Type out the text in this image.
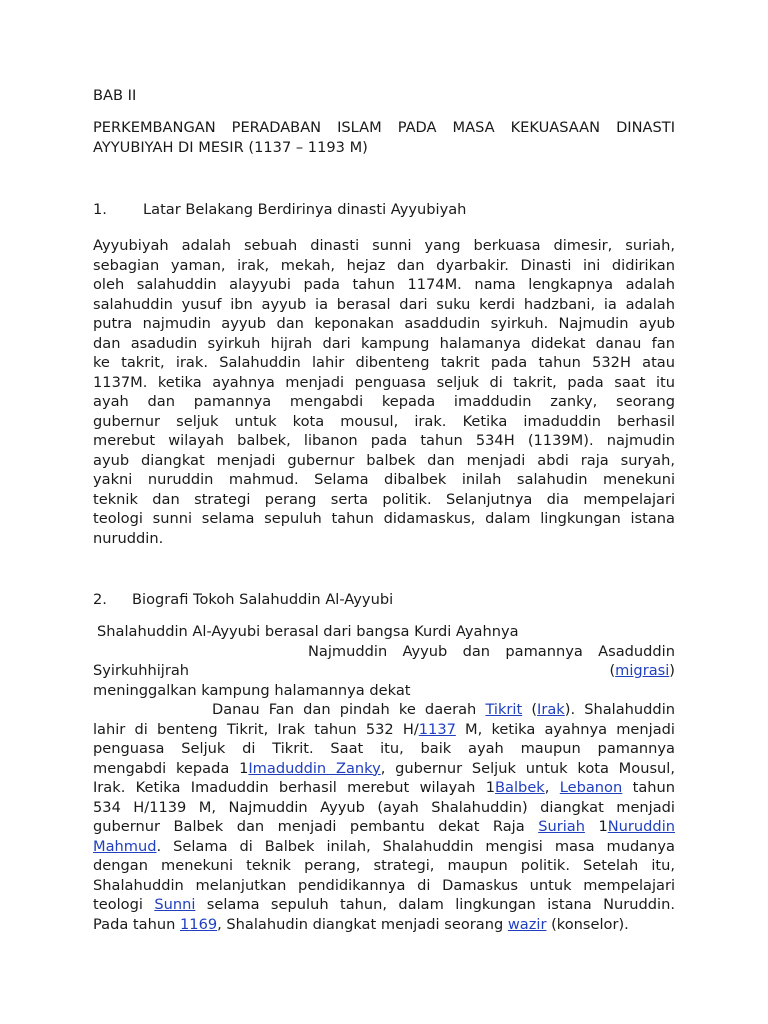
BAB II
PERKEMBANGAN PERADABAN ISLAM PADA MASA KEKUASAAN DINASTI
AYYUBIYAH DI MESIR (1137 – 1193 M)
1. Latar Belakang Berdirinya dinasti Ayyubiyah
Ayyubiyah adalah sebuah dinasti sunni yang berkuasa dimesir, suriah,
sebagian yaman, irak, mekah, hejaz dan dyarbakir. Dinasti ini didirikan
oleh salahuddin alayyubi pada tahun 1174M. nama lengkapnya adalah
salahuddin yusuf ibn ayyub ia berasal dari suku kerdi hadzbani, ia adalah
putra najmudin ayyub dan keponakan asaddudin syirkuh. Najmudin ayub
dan asadudin syirkuh hijrah dari kampung halamanya didekat danau fan
ke takrit, irak. Salahuddin lahir dibenteng takrit pada tahun 532H atau
1137M. ketika ayahnya menjadi penguasa seljuk di takrit, pada saat itu
ayah dan pamannya mengabdi kepada imaddudin zanky, seorang
gubernur seljuk untuk kota mousul, irak. Ketika imaduddin berhasil
merebut wilayah balbek, libanon pada tahun 534H (1139M). najmudin
ayub diangkat menjadi gubernur balbek dan menjadi abdi raja suryah,
yakni nuruddin mahmud. Selama dibalbek inilah salahudin menekuni
teknik dan strategi perang serta politik. Selanjutnya dia mempelajari
teologi sunni selama sepuluh tahun didamaskus, dalam lingkungan istana
nuruddin.
2. Biografi Tokoh Salahuddin Al-Ayyubi
Shalahuddin Al-Ayyubi berasal dari bangsa Kurdi Ayahnya
Najmuddin Ayyub dan pamannya Asaduddin
Syirkuhhijrah	(migrasi)
meninggalkan kampung halamannya dekat
Danau Fan dan pindah ke daerah Tikrit (Irak). Shalahuddin
lahir di benteng Tikrit, Irak tahun 532 H/1137 M, ketika ayahnya menjadi
penguasa Seljuk di Tikrit. Saat itu, baik ayah maupun pamannya
mengabdi kepada 1Imaduddin Zanky, gubernur Seljuk untuk kota Mousul,
Irak. Ketika Imaduddin berhasil merebut wilayah 1Balbek, Lebanon tahun
534 H/1139 M, Najmuddin Ayyub (ayah Shalahuddin) diangkat menjadi
gubernur Balbek dan menjadi pembantu dekat Raja Suriah 1Nuruddin
Mahmud. Selama di Balbek inilah, Shalahuddin mengisi masa mudanya
dengan menekuni teknik perang, strategi, maupun politik. Setelah itu,
Shalahuddin melanjutkan pendidikannya di Damaskus untuk mempelajari
teologi Sunni selama sepuluh tahun, dalam lingkungan istana Nuruddin.
Pada tahun 1169, Shalahudin diangkat menjadi seorang wazir (konselor).
